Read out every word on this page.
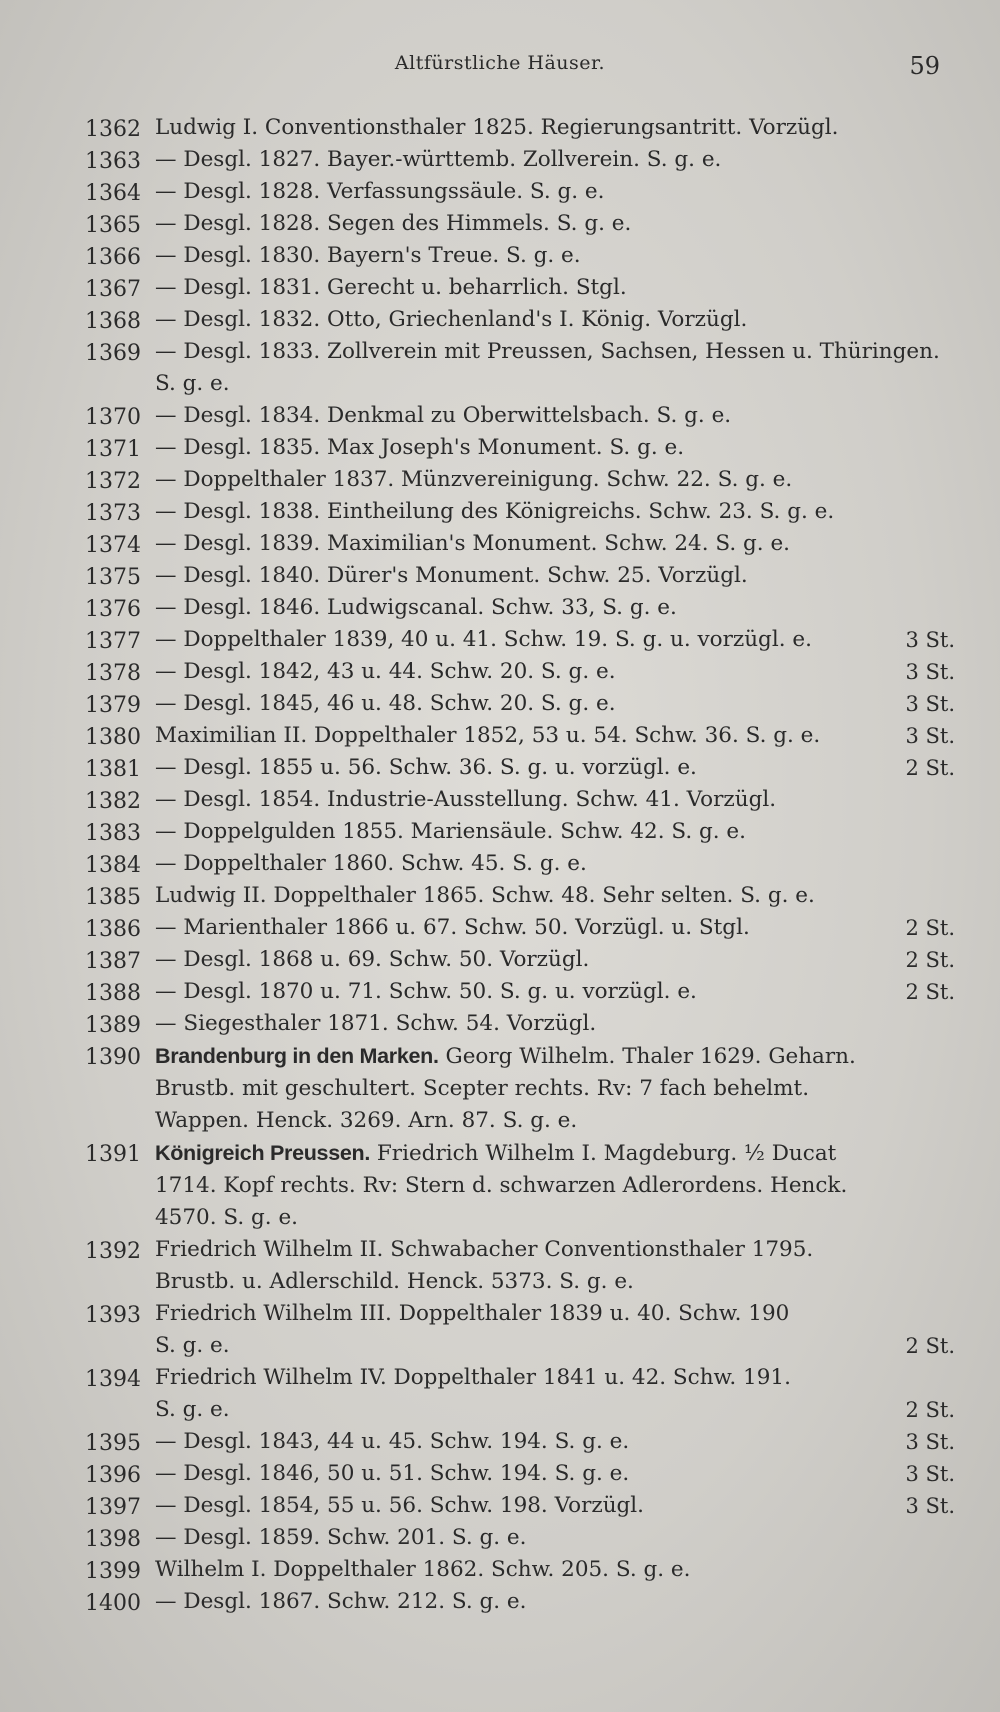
Altfürstliche Häuser.	59
1362 Ludwig I. Conventionsthaler 1825. Regierungsantritt. Vorzügl.
1363 — Desgl. 1827. Bayer.-württemb. Zollverein. S. g. e.
1364 — Desgl. 1828. Verfassungssäule. S. g. e.
1365 — Desgl. 1828. Segen des Himmels. S. g. e.
1366 — Desgl. 1830. Bayern's Treue. S. g. e.
1367 — Desgl. 1831. Gerecht u. beharrlich. Stgl.
1368 — Desgl. 1832. Otto, Griechenland's I. König. Vorzügl.
1369 — Desgl. 1833. Zollverein mit Preussen, Sachsen, Hessen u. Thüringen.
S. g. e.
1370 — Desgl. 1834. Denkmal zu Oberwittelsbach. S. g. e.
1371 — Desgl. 1835. Max Joseph's Monument. S. g. e.
1372 — Doppelthaler 1837. Münzvereinigung. Schw. 22. S. g. e.
1373 — Desgl. 1838. Eintheilung des Königreichs. Schw. 23. S. g. e.
1374 — Desgl. 1839. Maximilian's Monument. Schw. 24. S. g. e.
1375 — Desgl. 1840. Dürer's Monument. Schw. 25. Vorzügl.
1376 — Desgl. 1846. Ludwigscanal. Schw. 33, S. g. e.
1377 — Doppelthaler 1839, 40 u. 41. Schw. 19. S. g. u. vorzügl. e.	3 St.
1378 — Desgl. 1842, 43 u. 44. Schw. 20. S. g. e.	3 St.
1379 — Desgl. 1845, 46 u. 48. Schw. 20. S. g. e.	3 St.
1380 Maximilian II. Doppelthaler 1852, 53 u. 54. Schw. 36. S. g. e.	3 St.
1381 — Desgl. 1855 u. 56. Schw. 36. S. g. u. vorzügl. e.	2 St.
1382 — Desgl. 1854. Industrie-Ausstellung. Schw. 41. Vorzügl.
1383 — Doppelgulden 1855. Mariensäule. Schw. 42. S. g. e.
1384 — Doppelthaler 1860. Schw. 45. S. g. e.
1385 Ludwig II. Doppelthaler 1865. Schw. 48. Sehr selten. S. g. e.
1386 — Marienthaler 1866 u. 67. Schw. 50. Vorzügl. u. Stgl.	2 St.
1387 — Desgl. 1868 u. 69. Schw. 50. Vorzügl.	2 St.
1388 — Desgl. 1870 u. 71. Schw. 50. S. g. u. vorzügl. e.	2 St.
1389 — Siegesthaler 1871. Schw. 54. Vorzügl.
1390 Brandenburg in den Marken. Georg Wilhelm. Thaler 1629. Geharn. Brustb. mit geschultert. Scepter rechts. Rv: 7 fach behelmt. Wappen. Henck. 3269. Arn. 87. S. g. e.
1391 Königreich Preussen. Friedrich Wilhelm I. Magdeburg. ½ Ducat 1714. Kopf rechts. Rv: Stern d. schwarzen Adlerordens. Henck. 4570. S. g. e.
1392 Friedrich Wilhelm II. Schwabacher Conventionsthaler 1795. Brustb. u. Adlerschild. Henck. 5373. S. g. e.
1393 Friedrich Wilhelm III. Doppelthaler 1839 u. 40. Schw. 190
S. g. e.	2 St.
1394 Friedrich Wilhelm IV. Doppelthaler 1841 u. 42. Schw. 191.
S. g. e.	2 St.
1395 — Desgl. 1843, 44 u. 45. Schw. 194. S. g. e.	3 St.
1396 — Desgl. 1846, 50 u. 51. Schw. 194. S. g. e.	3 St.
1397 — Desgl. 1854, 55 u. 56. Schw. 198. Vorzügl.	3 St.
1398 — Desgl. 1859. Schw. 201. S. g. e.
1399 Wilhelm I. Doppelthaler 1862. Schw. 205. S. g. e.
1400 — Desgl. 1867. Schw. 212. S. g. e.
